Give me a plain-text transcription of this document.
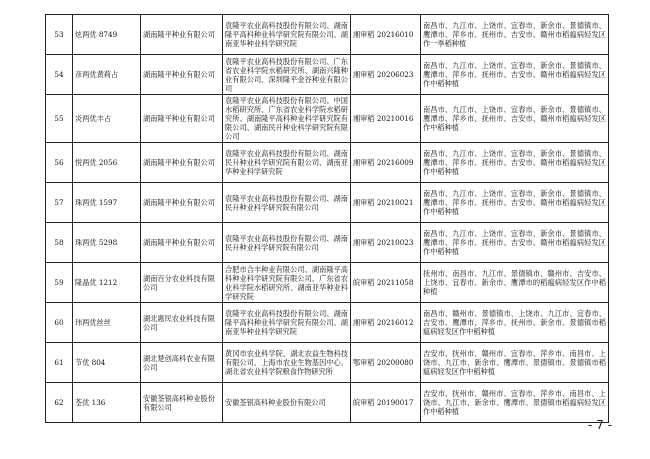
53	炫两优 8749	湖南隆平种业有限公司	袁隆平农业高科技股份有限公司、湖南隆平高科种业科学研究院有限公司、湖南亚华种业科学研究院	湘审稻 20216010	南昌市、九江市、上饶市、宜春市、新余市、景德镇市、鹰潭市、萍乡市、抚州市、吉安市、赣州市稻瘟病轻发区作一季稻种植
54	彦两优黄莉占	湖南隆平种业有限公司	袁隆平农业高科技股份有限公司、广东省农业科学院水稻研究所、湖南兴隆种业有限公司、深圳隆平金谷种业有限公司	湘审稻 20206023	南昌市、九江市、上饶市、宜春市、新余市、景德镇市、鹰潭市、萍乡市、抚州市、吉安市、赣州市稻瘟病轻发区作中稻种植
55	炎两优丰占	湖南隆平种业有限公司	袁隆平农业高科技股份有限公司、中国水稻研究所、广东省农业科学院水稻研究所、湖南隆平高科种业科学研究院有限公司、湖南民升种业科学研究院有限公司	湘审稻 20210016	南昌市、九江市、上饶市、宜春市、新余市、景德镇市、鹰潭市、萍乡市、抚州市、吉安市、赣州市稻瘟病轻发区作中稻种植
56	悦两优 2056	湖南隆平种业有限公司	袁隆平农业高科技股份有限公司、湖南民升种业科学研究院有限公司、湖南亚华种业科学研究院	湘审稻 20216009	南昌市、九江市、上饶市、宜春市、新余市、景德镇市、鹰潭市、萍乡市、抚州市、吉安市、赣州市稻瘟病轻发区作中稻种植
57	珠两优 1597	湖南隆平种业有限公司	袁隆平农业高科技股份有限公司、湖南民升种业科学研究院有限公司	湘审稻 20210021	南昌市、九江市、上饶市、宜春市、新余市、景德镇市、鹰潭市、萍乡市、抚州市、吉安市、赣州市稻瘟病轻发区作中稻种植
58	珠两优 5298	湖南隆平种业有限公司	袁隆平农业高科技股份有限公司、湖南民升种业科学研究院有限公司	湘审稻 20210023	南昌市、九江市、上饶市、宜春市、新余市、景德镇市、鹰潭市、萍乡市、抚州市、吉安市、赣州市稻瘟病轻发区作中稻种植
59	隆晶优 1212	湖南百分农业科技有限公司	合肥市合丰种业有限公司、湖南隆平高科种业科学研究院有限公司、广东省农业科学院水稻研究所、湖南亚华种业科学研究院	皖审稻 20211058	抚州市、南昌市、九江市、景德镇市、赣州市、吉安市、上饶市、宜春市、新余市、鹰潭市的稻瘟病轻发区作中稻种植
60	玮两优丝丝	湖北惠民农业科技有限公司	袁隆平农业高科技股份有限公司、湖南隆平高科种业科学研究院有限公司、湖南亚华种业科学研究院	湘审稻 20216012	南昌市、赣州市、景德镇市、上饶市、九江市、宜春市、吉安市、鹰潭市、萍乡市、抚州市、新余市、景德镇市稻瘟病轻发区作中稻种植
61	节优 804	湖北楚创高科农业有限公司	黄冈市农业科学院、湖北农益生物科技有限公司、上海市农业生物基因中心、湖北省农业科学院粮食作物研究所	鄂审稻 20200080	吉安市、抚州市、赣州市、宜春市、萍乡市、南昌市、上饶市、九江市、新余市、鹰潭市、景德镇市、景德镇市稻瘟病轻发区作中稻种植
62	荃优 136	安徽荃银高科种业股份有限公司	安徽荃银高科种业股份有限公司	皖审稻 20190017	吉安市、抚州市、赣州市、宜春市、萍乡市、南昌市、上饶市、九江市、新余市、鹰潭市、景德镇市稻瘟病轻发区作中稻种植
- 7 -
